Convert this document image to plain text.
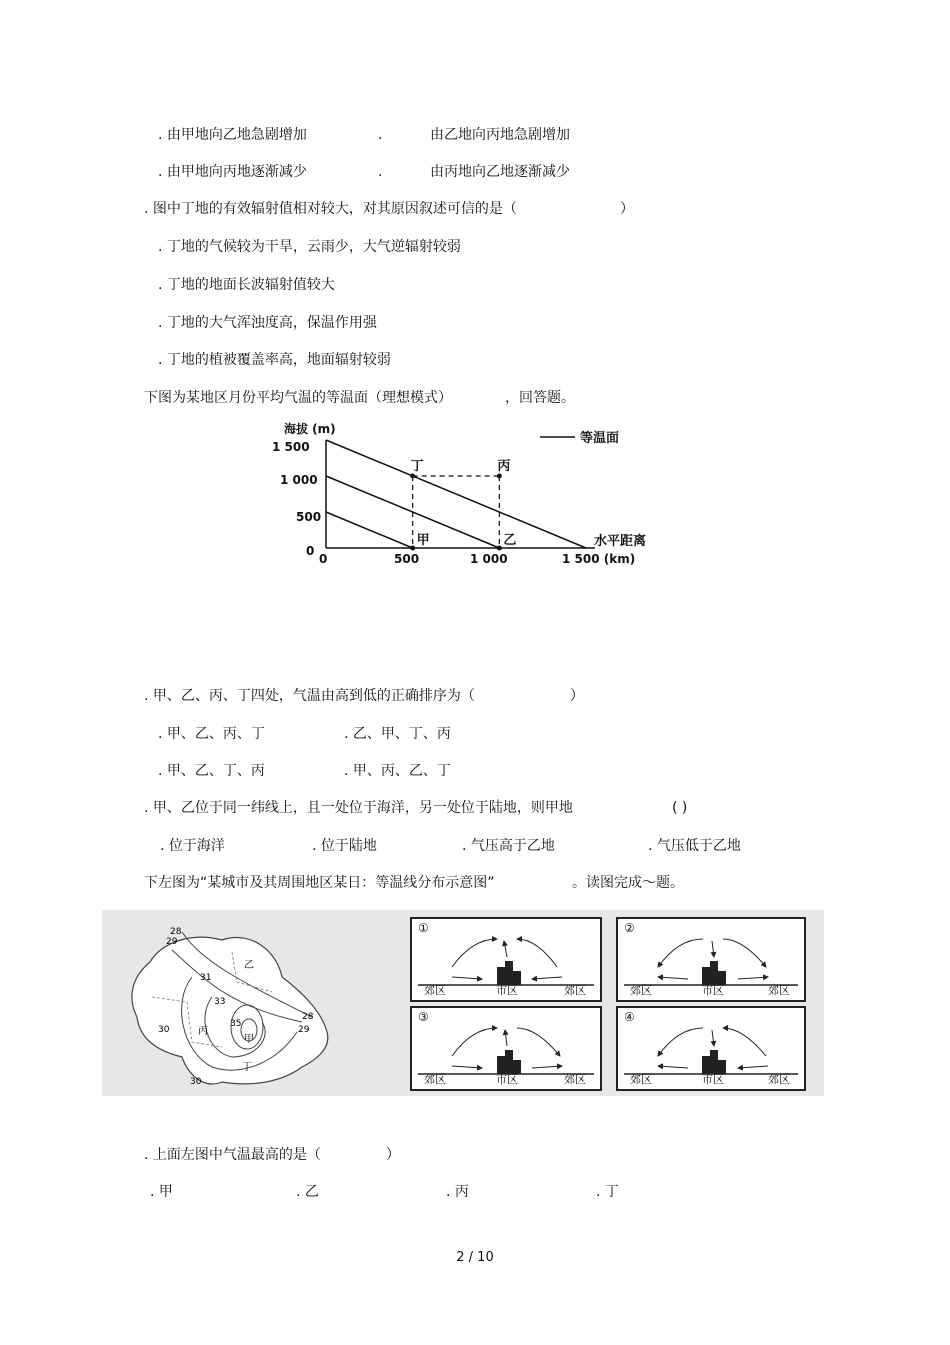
. 由甲地向乙地急剧增加	.	由乙地向丙地急剧增加
. 由甲地向丙地逐渐减少	.	由丙地向乙地逐渐减少
. 图中丁地的有效辐射值相对较大，对其原因叙述可信的是（	）
. 丁地的气候较为干旱，云雨少，大气逆辐射较弱
. 丁地的地面长波辐射值较大
. 丁地的大气浑浊度高，保温作用强
. 丁地的植被覆盖率高，地面辐射较弱
下图为某地区月份平均气温的等温面（理想模式）	，回答题。
海拔 (m)
等温面
1 500
1 000
500
0
0	500	1 000	1 500 (km)
水平距离
甲	乙
丙
丁
. 甲、乙、丙、丁四处，气温由高到低的正确排序为（	）
. 甲、乙、丙、丁	. 乙、甲、丁、丙
. 甲、乙、丁、丙	. 甲、丙、乙、丁
. 甲、乙位于同一纬线上，且一处位于海洋，另一处位于陆地，则甲地	( )
. 位于海洋	. 位于陆地	. 气压高于乙地	. 气压低于乙地
下左图为“某城市及其周围地区某日：等温线分布示意图”	。读图完成～题。
28
29
31
28
29
30
30
33
35
乙
丙
甲
丁
①
郊区	市区	郊区
②
郊区	市区	郊区
③
郊区	市区	郊区
④
郊区	市区	郊区
. 上面左图中气温最高的是（	）
. 甲	. 乙	. 丙	. 丁
2 / 10
